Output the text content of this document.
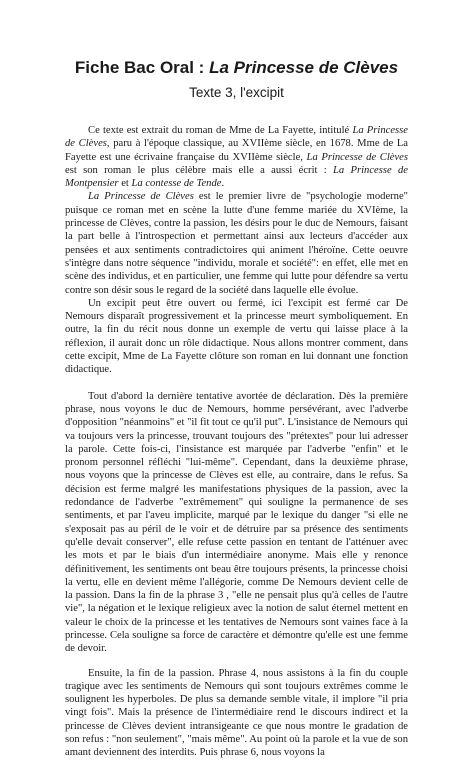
Fiche Bac Oral : La Princesse de Clèves
Texte 3, l'excipit

Ce texte est extrait du roman de Mme de La Fayette, intitulé La Princesse de Clèves, paru à l'époque classique, au XVIIème siècle, en 1678. Mme de La Fayette est une écrivaine française du XVIIème siècle, La Princesse de Clèves est son roman le plus célèbre mais elle a aussi écrit : La Princesse de Montpensier et La contesse de Tende.

La Princesse de Clèves est le premier livre de "psychologie moderne" puisque ce roman met en scène la lutte d'une femme mariée du XVIème, la princesse de Clèves, contre la passion, les désirs pour le duc de Nemours, faisant la part belle à l'introspection et permettant ainsi aux lecteurs d'accéder aux pensées et aux sentiments contradictoires qui animent l'héroïne. Cette oeuvre s'intègre dans notre séquence "individu, morale et société": en effet, elle met en scène des individus, et en particulier, une femme qui lutte pour défendre sa vertu contre son désir sous le regard de la société dans laquelle elle évolue.

Un excipit peut être ouvert ou fermé, ici l'excipit est fermé car De Nemours disparaît progressivement et la princesse meurt symboliquement. En outre, la fin du récit nous donne un exemple de vertu qui laisse place à la réflexion, il aurait donc un rôle didactique. Nous allons montrer comment, dans cette excipit, Mme de La Fayette clôture son roman en lui donnant une fonction didactique.

Tout d'abord la dernière tentative avortée de déclaration. Dès la première phrase, nous voyons le duc de Nemours, homme persévérant, avec l'adverbe d'opposition "néanmoins" et "il fit tout ce qu'il put". L'insistance de Nemours qui va toujours vers la princesse, trouvant toujours des "prétextes" pour lui adresser la parole. Cette fois-ci, l'insistance est marquée par l'adverbe "enfin" et le pronom personnel réfléchi "lui-même". Cependant, dans la deuxième phrase, nous voyons que la princesse de Clèves est elle, au contraire, dans le refus. Sa décision est ferme malgré les manifestations physiques de la passion, avec la redondance de l'adverbe "extrêmement" qui souligne la permanence de ses sentiments, et par l'aveu implicite, marqué par le lexique du danger "si elle ne s'exposait pas au péril de le voir et de détruire par sa présence des sentiments qu'elle devait conserver", elle refuse cette passion en tentant de l'atténuer avec les mots et par le biais d'un intermédiaire anonyme. Mais elle y renonce définitivement, les sentiments ont beau être toujours présents, la princesse choisi la vertu, elle en devient même l'allégorie, comme De Nemours devient celle de la passion. Dans la fin de la phrase 3 , "elle ne pensait plus qu'à celles de l'autre vie", la négation et le lexique religieux avec la notion de salut éternel mettent en valeur le choix de la princesse et les tentatives de Nemours sont vaines face à la princesse. Cela souligne sa force de caractère et démontre qu'elle est une femme de devoir.

Ensuite, la fin de la passion. Phrase 4, nous assistons à la fin du couple tragique avec les sentiments de Nemours qui sont toujours extrêmes comme le soulignent les hyperboles. De plus sa demande semble vitale, il implore "il pria vingt fois". Mais la présence de l'intermédiaire rend le discours indirect et la princesse de Clèves devient intransigeante ce que nous montre le gradation de son refus : "non seulement", "mais même". Au point où la parole et la vue de son amant deviennent des interdits. Puis phrase 6, nous voyons la
